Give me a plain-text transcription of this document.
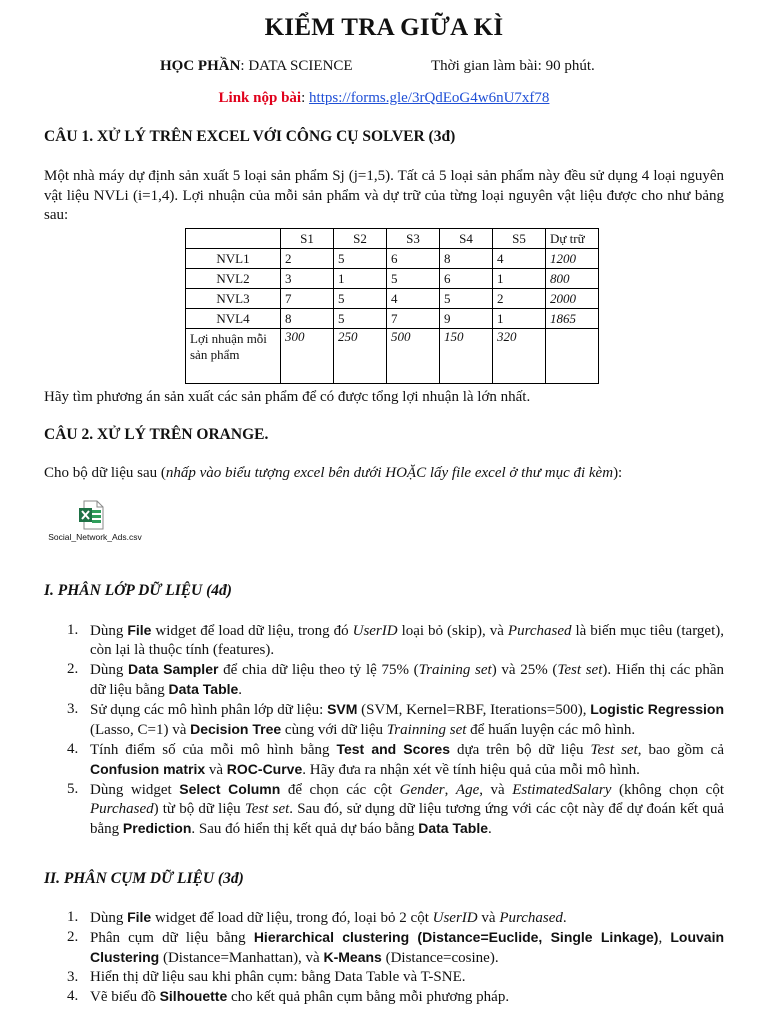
KIỂM TRA GIỮA KÌ
HỌC PHẦN: DATA SCIENCE	Thời gian làm bài: 90 phút.
Link nộp bài: https://forms.gle/3rQdEoG4w6nU7xf78
CÂU 1. XỬ LÝ TRÊN EXCEL VỚI CÔNG CỤ SOLVER (3đ)

Một nhà máy dự định sản xuất 5 loại sản phẩm Sj (j=1,5). Tất cả 5 loại sản phẩm này đều sử dụng 4 loại nguyên vật liệu NVLi (i=1,4). Lợi nhuận của mỗi sản phẩm và dự trữ của từng loại nguyên vật liệu được cho như bảng sau:

	S1	S2	S3	S4	S5	Dự trữ
NVL1	2	5	6	8	4	1200
NVL2	3	1	5	6	1	800
NVL3	7	5	4	5	2	2000
NVL4	8	5	7	9	1	1865
Lợi nhuận mỗi sản phẩm	300	250	500	150	320	

Hãy tìm phương án sản xuất các sản phẩm để có được tổng lợi nhuận là lớn nhất.

CÂU 2. XỬ LÝ TRÊN ORANGE.

Cho bộ dữ liệu sau (nhấp vào biểu tượng excel bên dưới HOẶC lấy file excel ở thư mục đi kèm):

Social_Network_Ads.csv
I. PHÂN LỚP DỮ LIỆU (4đ)
1. Dùng File widget để load dữ liệu, trong đó UserID loại bỏ (skip), và Purchased là biến mục tiêu (target), còn lại là thuộc tính (features).
2. Dùng Data Sampler để chia dữ liệu theo tỷ lệ 75% (Training set) và 25% (Test set). Hiển thị các phần dữ liệu bằng Data Table.
3. Sử dụng các mô hình phân lớp dữ liệu: SVM (SVM, Kernel=RBF, Iterations=500), Logistic Regression (Lasso, C=1) và Decision Tree cùng với dữ liệu Trainning set để huấn luyện các mô hình.
4. Tính điểm số của mỗi mô hình bằng Test and Scores dựa trên bộ dữ liệu Test set, bao gồm cả Confusion matrix và ROC-Curve. Hãy đưa ra nhận xét về tính hiệu quả của mỗi mô hình.
5. Dùng widget Select Column để chọn các cột Gender, Age, và EstimatedSalary (không chọn cột Purchased) từ bộ dữ liệu Test set. Sau đó, sử dụng dữ liệu tương ứng với các cột này để dự đoán kết quả bằng Prediction. Sau đó hiển thị kết quả dự báo bằng Data Table.
II. PHÂN CỤM DỮ LIỆU (3đ)
1. Dùng File widget để load dữ liệu, trong đó, loại bỏ 2 cột UserID và Purchased.
2. Phân cụm dữ liệu bằng Hierarchical clustering (Distance=Euclide, Single Linkage), Louvain Clustering (Distance=Manhattan), và K-Means (Distance=cosine).
3. Hiển thị dữ liệu sau khi phân cụm: bằng Data Table và T-SNE.
4. Vẽ biểu đồ Silhouette cho kết quả phân cụm bằng mỗi phương pháp.
